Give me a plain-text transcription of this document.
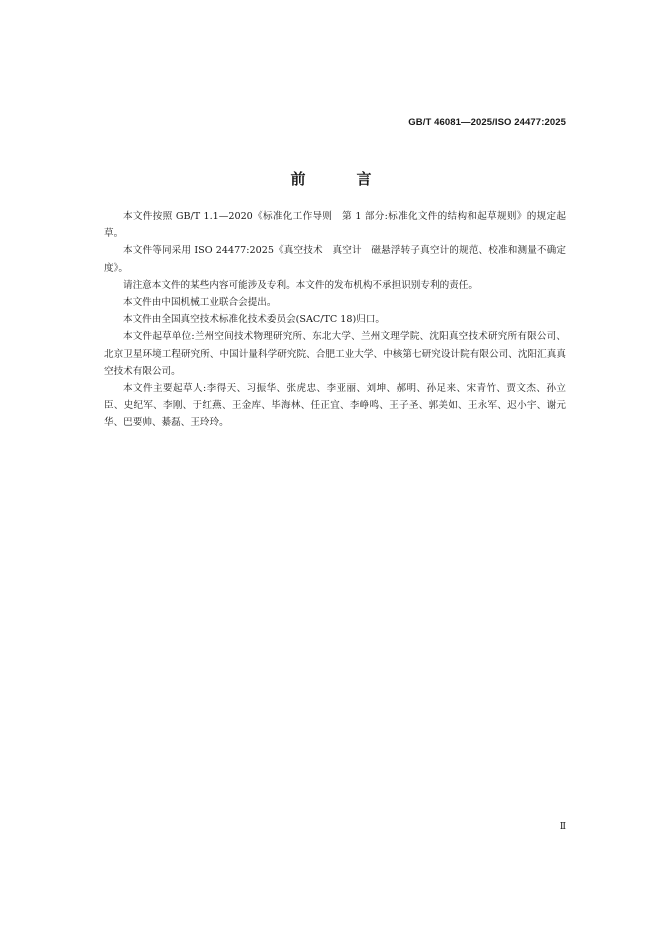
GB/T 46081—2025/ISO 24477:2025
前　言

本文件按照 GB/T 1.1—2020《标准化工作导则　第 1 部分:标准化文件的结构和起草规则》的规定起草。

本文件等同采用 ISO 24477:2025《真空技术　真空计　磁悬浮转子真空计的规范、校准和测量不确定度》。

请注意本文件的某些内容可能涉及专利。本文件的发布机构不承担识别专利的责任。

本文件由中国机械工业联合会提出。

本文件由全国真空技术标准化技术委员会(SAC/TC 18)归口。

本文件起草单位:兰州空间技术物理研究所、东北大学、兰州文理学院、沈阳真空技术研究所有限公司、北京卫星环境工程研究所、中国计量科学研究院、合肥工业大学、中核第七研究设计院有限公司、沈阳汇真真空技术有限公司。

本文件主要起草人:李得天、习振华、张虎忠、李亚丽、刘坤、郝明、孙足来、宋青竹、贾文杰、孙立臣、史纪军、李刚、于红燕、王金库、毕海林、任正宜、李峥鸣、王子圣、郭美如、王永军、迟小宇、谢元华、巴要帅、綦磊、王玲玲。

Ⅱ
